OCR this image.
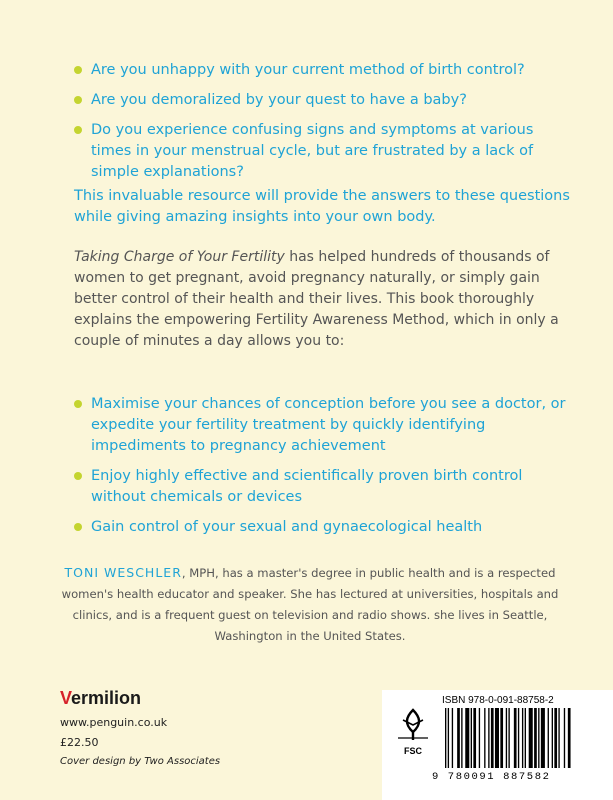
Are you unhappy with your current method of birth control?
Are you demoralized by your quest to have a baby?
Do you experience confusing signs and symptoms at various times in your menstrual cycle, but are frustrated by a lack of simple explanations?
This invaluable resource will provide the answers to these questions while giving amazing insights into your own body.
Taking Charge of Your Fertility has helped hundreds of thousands of women to get pregnant, avoid pregnancy naturally, or simply gain better control of their health and their lives. This book thoroughly explains the empowering Fertility Awareness Method, which in only a couple of minutes a day allows you to:
Maximise your chances of conception before you see a doctor, or expedite your fertility treatment by quickly identifying impediments to pregnancy achievement
Enjoy highly effective and scientifically proven birth control without chemicals or devices
Gain control of your sexual and gynaecological health
TONI WESCHLER, MPH, has a master's degree in public health and is a respected women's health educator and speaker. She has lectured at universities, hospitals and clinics, and is a frequent guest on television and radio shows. she lives in Seattle, Washington in the United States.
Vermilion
www.penguin.co.uk
£22.50
Cover design by Two Associates
ISBN 978-0-091-88758-2
FSC
9 780091 887582
